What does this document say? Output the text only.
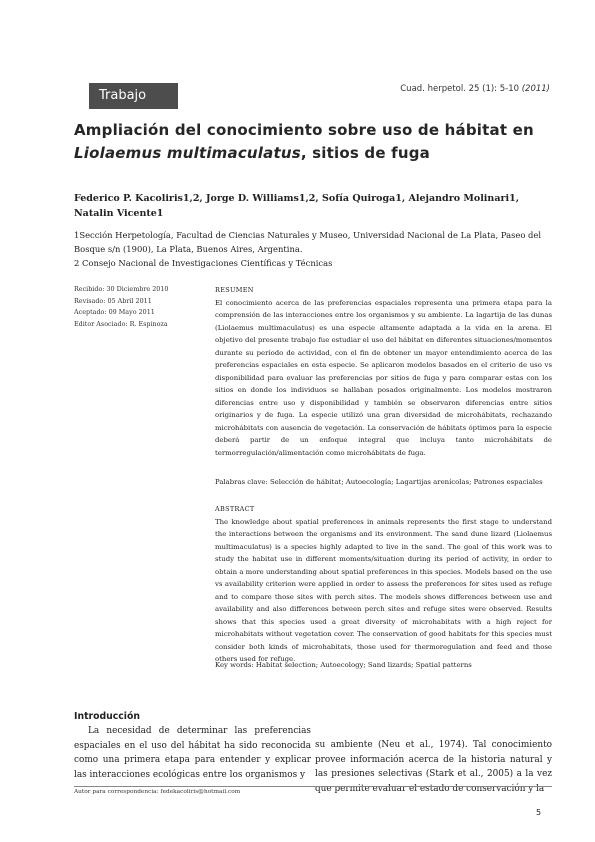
Trabajo	Cuad. herpetol. 25 (1): 5-10 (2011)
Ampliación del conocimiento sobre uso de hábitat en
Liolaemus multimaculatus, sitios de fuga
Federico P. Kacoliris1,2, Jorge D. Williams1,2, Sofía Quiroga1, Alejandro Molinari1, Natalin Vicente1

1Sección Herpetología, Facultad de Ciencias Naturales y Museo, Universidad Nacional de La Plata, Paseo del Bosque s/n (1900), La Plata, Buenos Aires, Argentina.

2 Consejo Nacional de Investigaciones Científicas y Técnicas

Recibido: 30 Diciembre 2010

Revisado: 05 Abril 2011

Aceptado: 09 Mayo 2011

Editor Asociado: R. Espinoza

RESUMEN

El conocimiento acerca de las preferencias espaciales representa una primera etapa para la comprensión de las interacciones entre los organismos y su ambiente. La lagartija de las dunas (Liolaemus multimaculatus) es una especie altamente adaptada a la vida en la arena. El objetivo del presente trabajo fue estudiar el uso del hábitat en diferentes situaciones/momentos durante su período de actividad, con el fin de obtener un mayor entendimiento acerca de las preferencias espaciales en esta especie. Se aplicaron modelos basados en el criterio de uso vs disponibilidad para evaluar las preferencias por sitios de fuga y para comparar estas con los sitios en donde los individuos se hallaban posados originalmente. Los modelos mostraron diferencias entre uso y disponibilidad y también se observaron diferencias entre sitios originarios y de fuga. La especie utilizó una gran diversidad de microhábitats, rechazando microhábitats con ausencia de vegetación. La conservación de hábitats óptimos para la especie deberá partir de un enfoque integral que incluya tanto microhábitats de termorregulación/alimentación como microhábitats de fuga.

Palabras clave: Selección de hábitat; Autoecología; Lagartijas arenícolas; Patrones espaciales
ABSTRACT

The knowledge about spatial preferences in animals represents the first stage to understand the interactions between the organisms and its environment. The sand dune lizard (Liolaemus multimaculatus) is a species highly adapted to live in the sand. The goal of this work was to study the habitat use in different moments/situation during its period of activity, in order to obtain a more understanding about spatial preferences in this species. Models based on the use vs availability criterion were applied in order to assess the preferences for sites used as refuge and to compare those sites with perch sites. The models shows differences between use and availability and also differences between perch sites and refuge sites were observed. Results shows that this species used a great diversity of microhabitats with a high reject for microhabitats without vegetation cover. The conservation of good habitats for this species must consider both kinds of microhabitats, those used for thermoregulation and feed and those others used for refuge.

Key words: Habitat selection; Autoecology; Sand lizards; Spatial patterns
Introducción

La necesidad de determinar las preferencias espaciales en el uso del hábitat ha sido reconocida como una primera etapa para entender y explicar las interacciones ecológicas entre los organismos y

su ambiente (Neu et al., 1974). Tal conocimiento provee información acerca de la historia natural y las presiones selectivas (Stark et al., 2005) a la vez que permite evaluar el estado de conservación y la

Autor para correspondencia: fedekacoliris@hotmail.com
5
